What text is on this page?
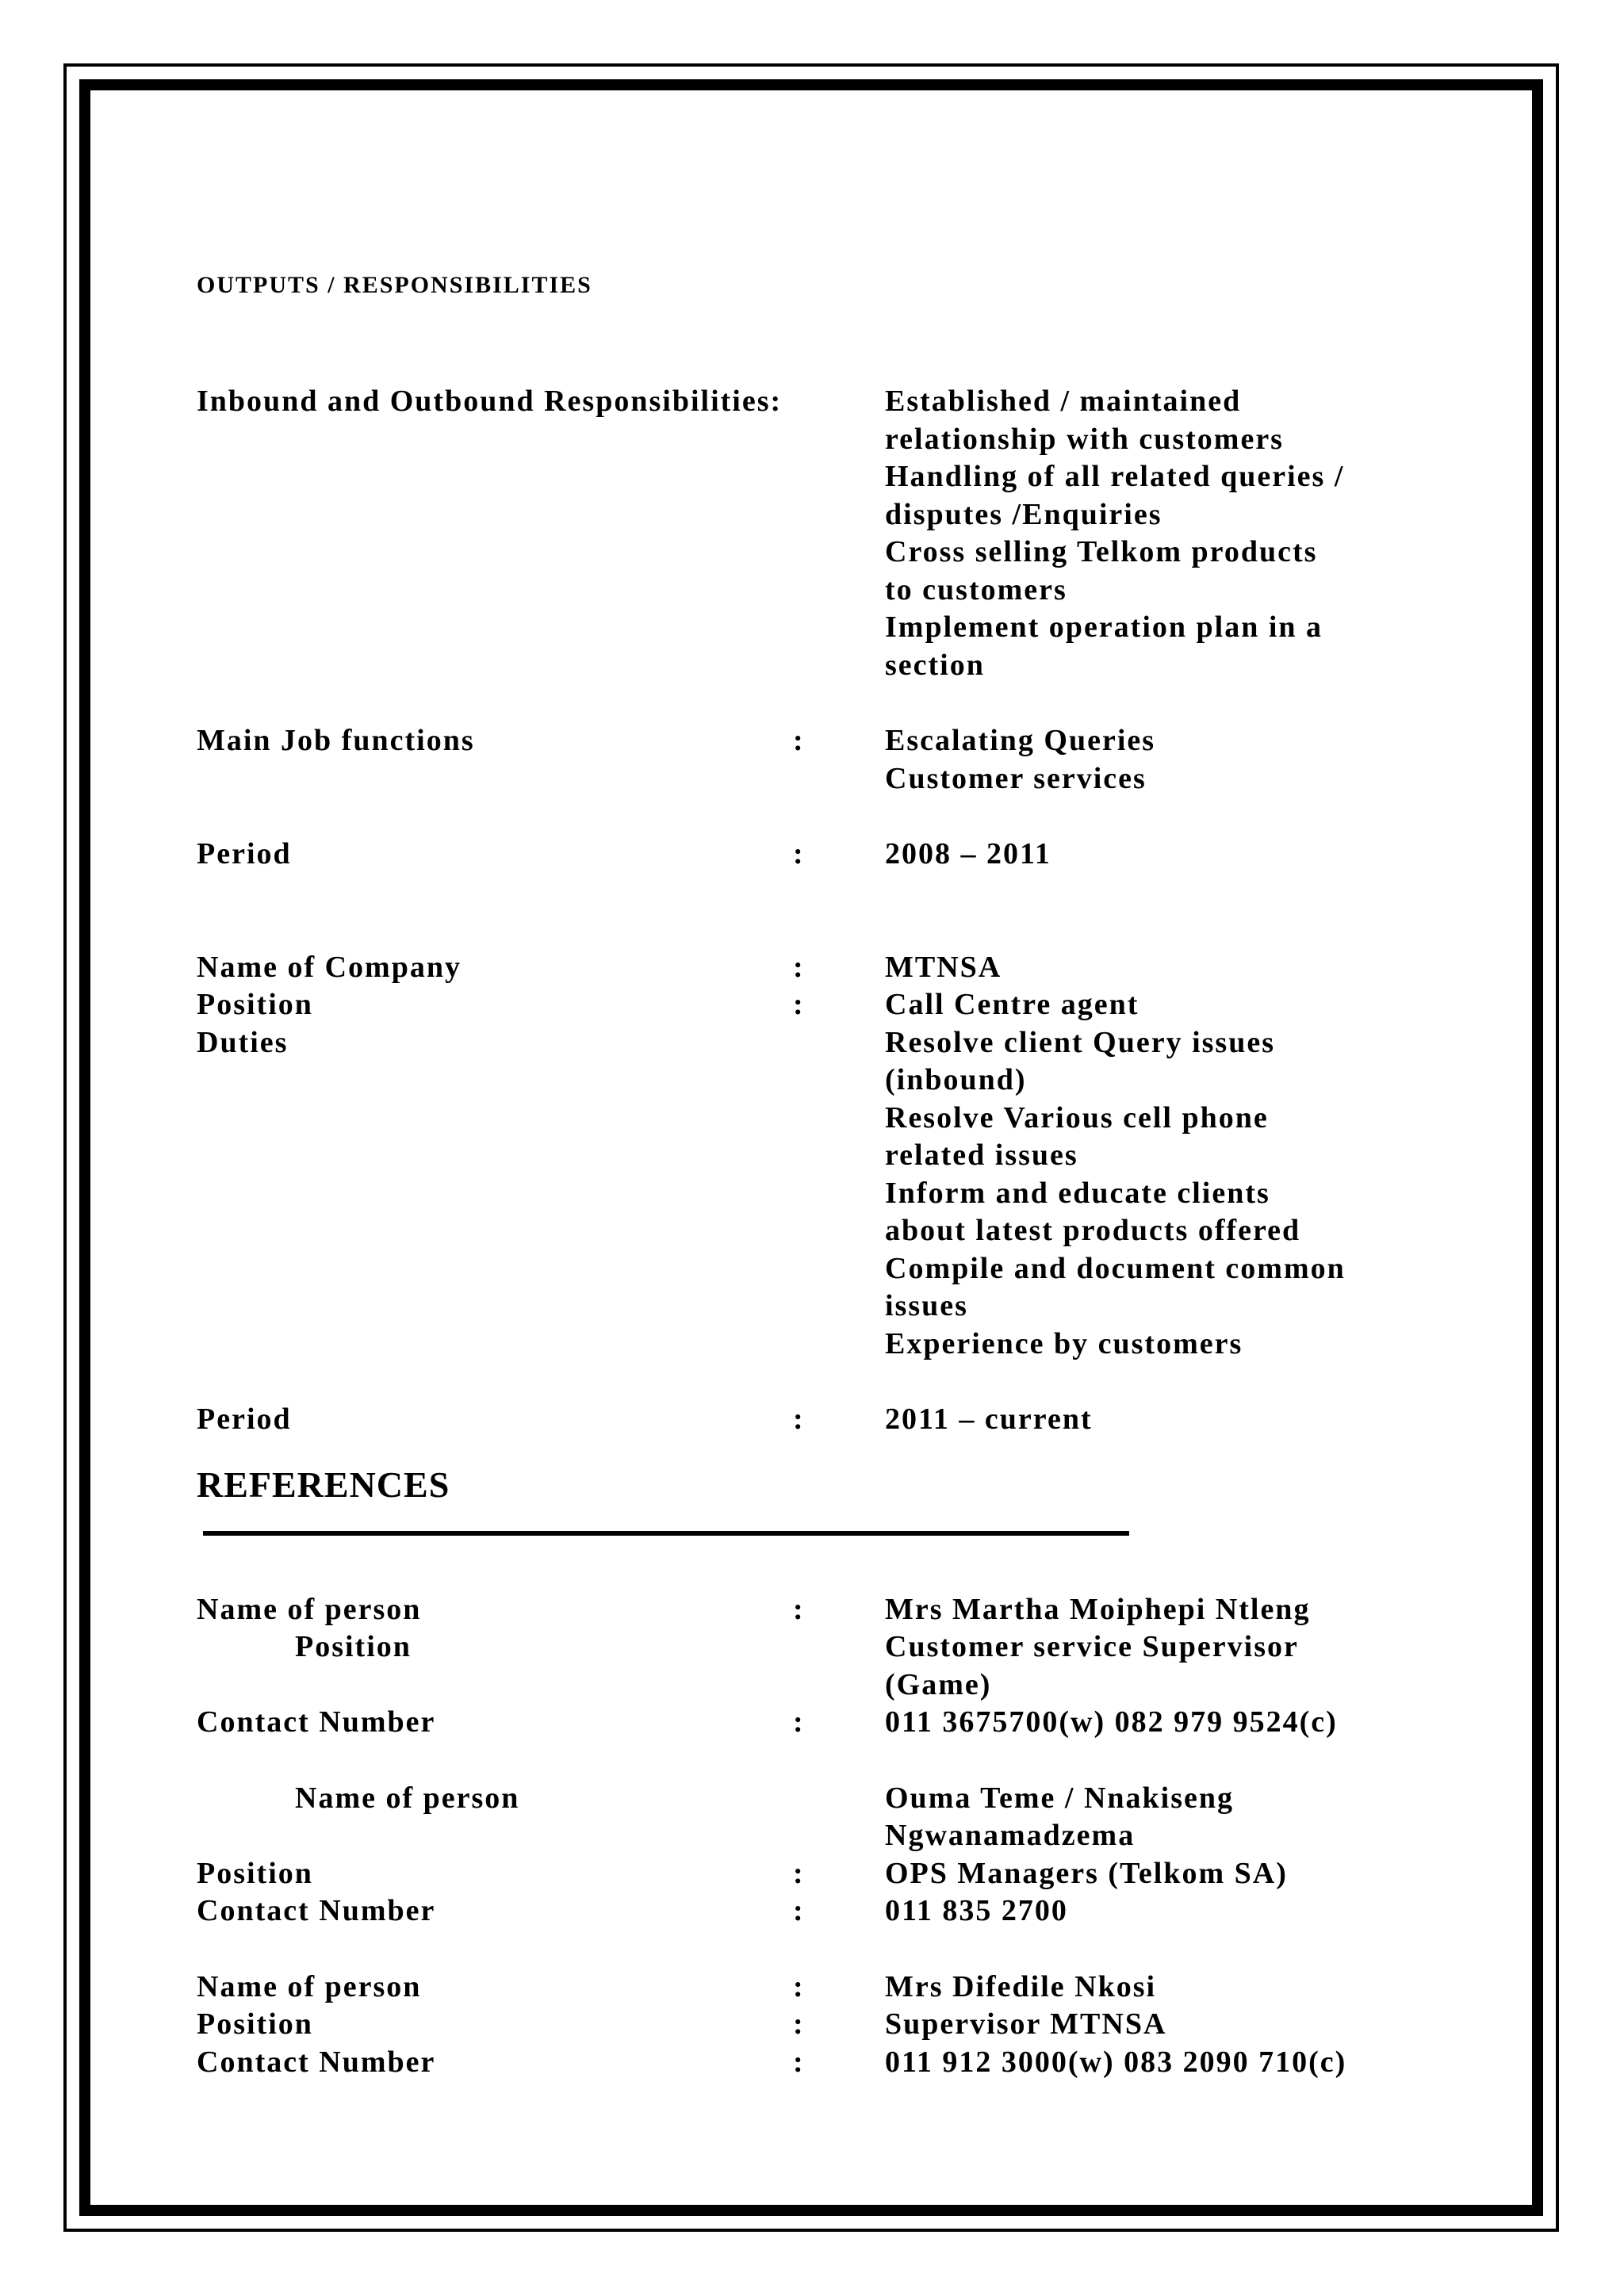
OUTPUTS / RESPONSIBILITIES

Inbound and Outbound Responsibilities:	Established / maintained
relationship with customers
Handling of all related queries /
disputes /Enquiries
Cross selling Telkom products
to customers
Implement operation plan in a
section
Main Job functions	:	Escalating Queries
Customer services
Period	:	2008 – 2011
Name of Company	:	MTNSA
Position	:	Call Centre agent
Duties	Resolve client Query issues
(inbound)
Resolve Various cell phone
related issues
Inform and educate clients
about latest products offered
Compile and document common
issues
Experience by customers
Period	:	2011 – current

REFERENCES

Name of person	:	Mrs Martha Moiphepi Ntleng
Position	Customer service Supervisor
(Game)
Contact Number	:	011 3675700(w) 082 979 9524(c)
Name of person	Ouma Teme / Nnakiseng
Ngwanamadzema
Position	:	OPS Managers (Telkom SA)
Contact Number	:	011 835 2700
Name of person	:	Mrs Difedile Nkosi
Position	:	Supervisor MTNSA
Contact Number	:	011 912 3000(w) 083 2090 710(c)
